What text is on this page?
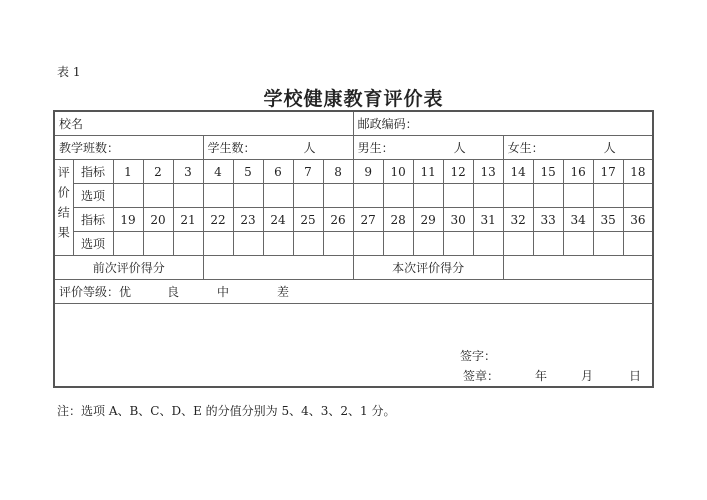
表 1
学校健康教育评价表
校名										邮政编码：									
教学班数：					学生数： 人					男生： 人					女生： 人				
评价结果	指标	1	2	3	4	5	6	7	8	9	10	11	12	13	14	15	16	17	18
	选项																		
	指标	19	20	21	22	23	24	25	26	27	28	29	30	31	32	33	34	35	36
	选项																		
前次评价得分										本次评价得分									
评价等级：优 良 中 差																			

签字：
签章： 年 月 日																			
注：选项 A、B、C、D、E 的分值分别为 5、4、3、2、1 分。
